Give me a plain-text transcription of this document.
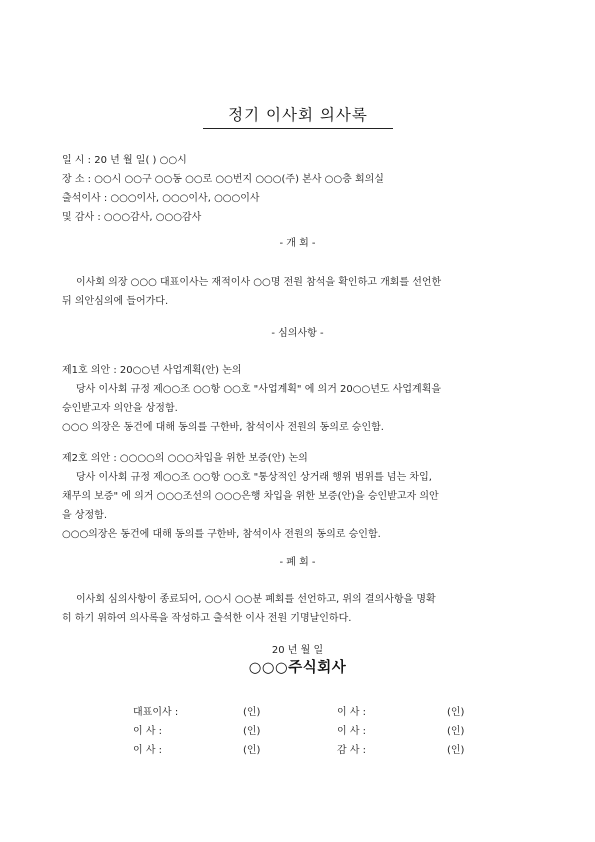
정기 이사회 의사록
일 시 : 20 년 월 일( ) ○○시
장 소 : ○○시 ○○구 ○○동 ○○로 ○○번지 ○○○(주) 본사 ○○층 회의실
출석이사 : ○○○이사, ○○○이사, ○○○이사
및 감사 : ○○○감사, ○○○감사
- 개 회 -
이사회 의장 ○○○ 대표이사는 재적이사 ○○명 전원 참석을 확인하고 개회를 선언한
뒤 의안심의에 들어가다.
- 심의사항 -
제1호 의안 : 20○○년 사업계획(안) 논의
당사 이사회 규정 제○○조 ○○항 ○○호 "사업계획" 에 의거 20○○년도 사업계획을
승인받고자 의안을 상정함.
○○○ 의장은 동건에 대해 동의를 구한바, 참석이사 전원의 동의로 승인함.
제2호 의안 : ○○○○의 ○○○차입을 위한 보증(안) 논의
당사 이사회 규정 제○○조 ○○항 ○○호 "통상적인 상거래 행위 범위를 넘는 차입,
채무의 보증" 에 의거 ○○○조선의 ○○○은행 차입을 위한 보증(안)을 승인받고자 의안
을 상정함.
○○○의장은 동건에 대해 동의를 구한바, 참석이사 전원의 동의로 승인함.
- 폐 회 -
이사회 심의사항이 종료되어, ○○시 ○○분 폐회를 선언하고, 위의 결의사항을 명확
히 하기 위하여 의사록을 작성하고 출석한 이사 전원 기명날인하다.
20 년 월 일
○○○주식회사
대표이사 :	(인)	이 사 :	(인)
이 사 :	(인)	이 사 :	(인)
이 사 :	(인)	감 사 :	(인)
